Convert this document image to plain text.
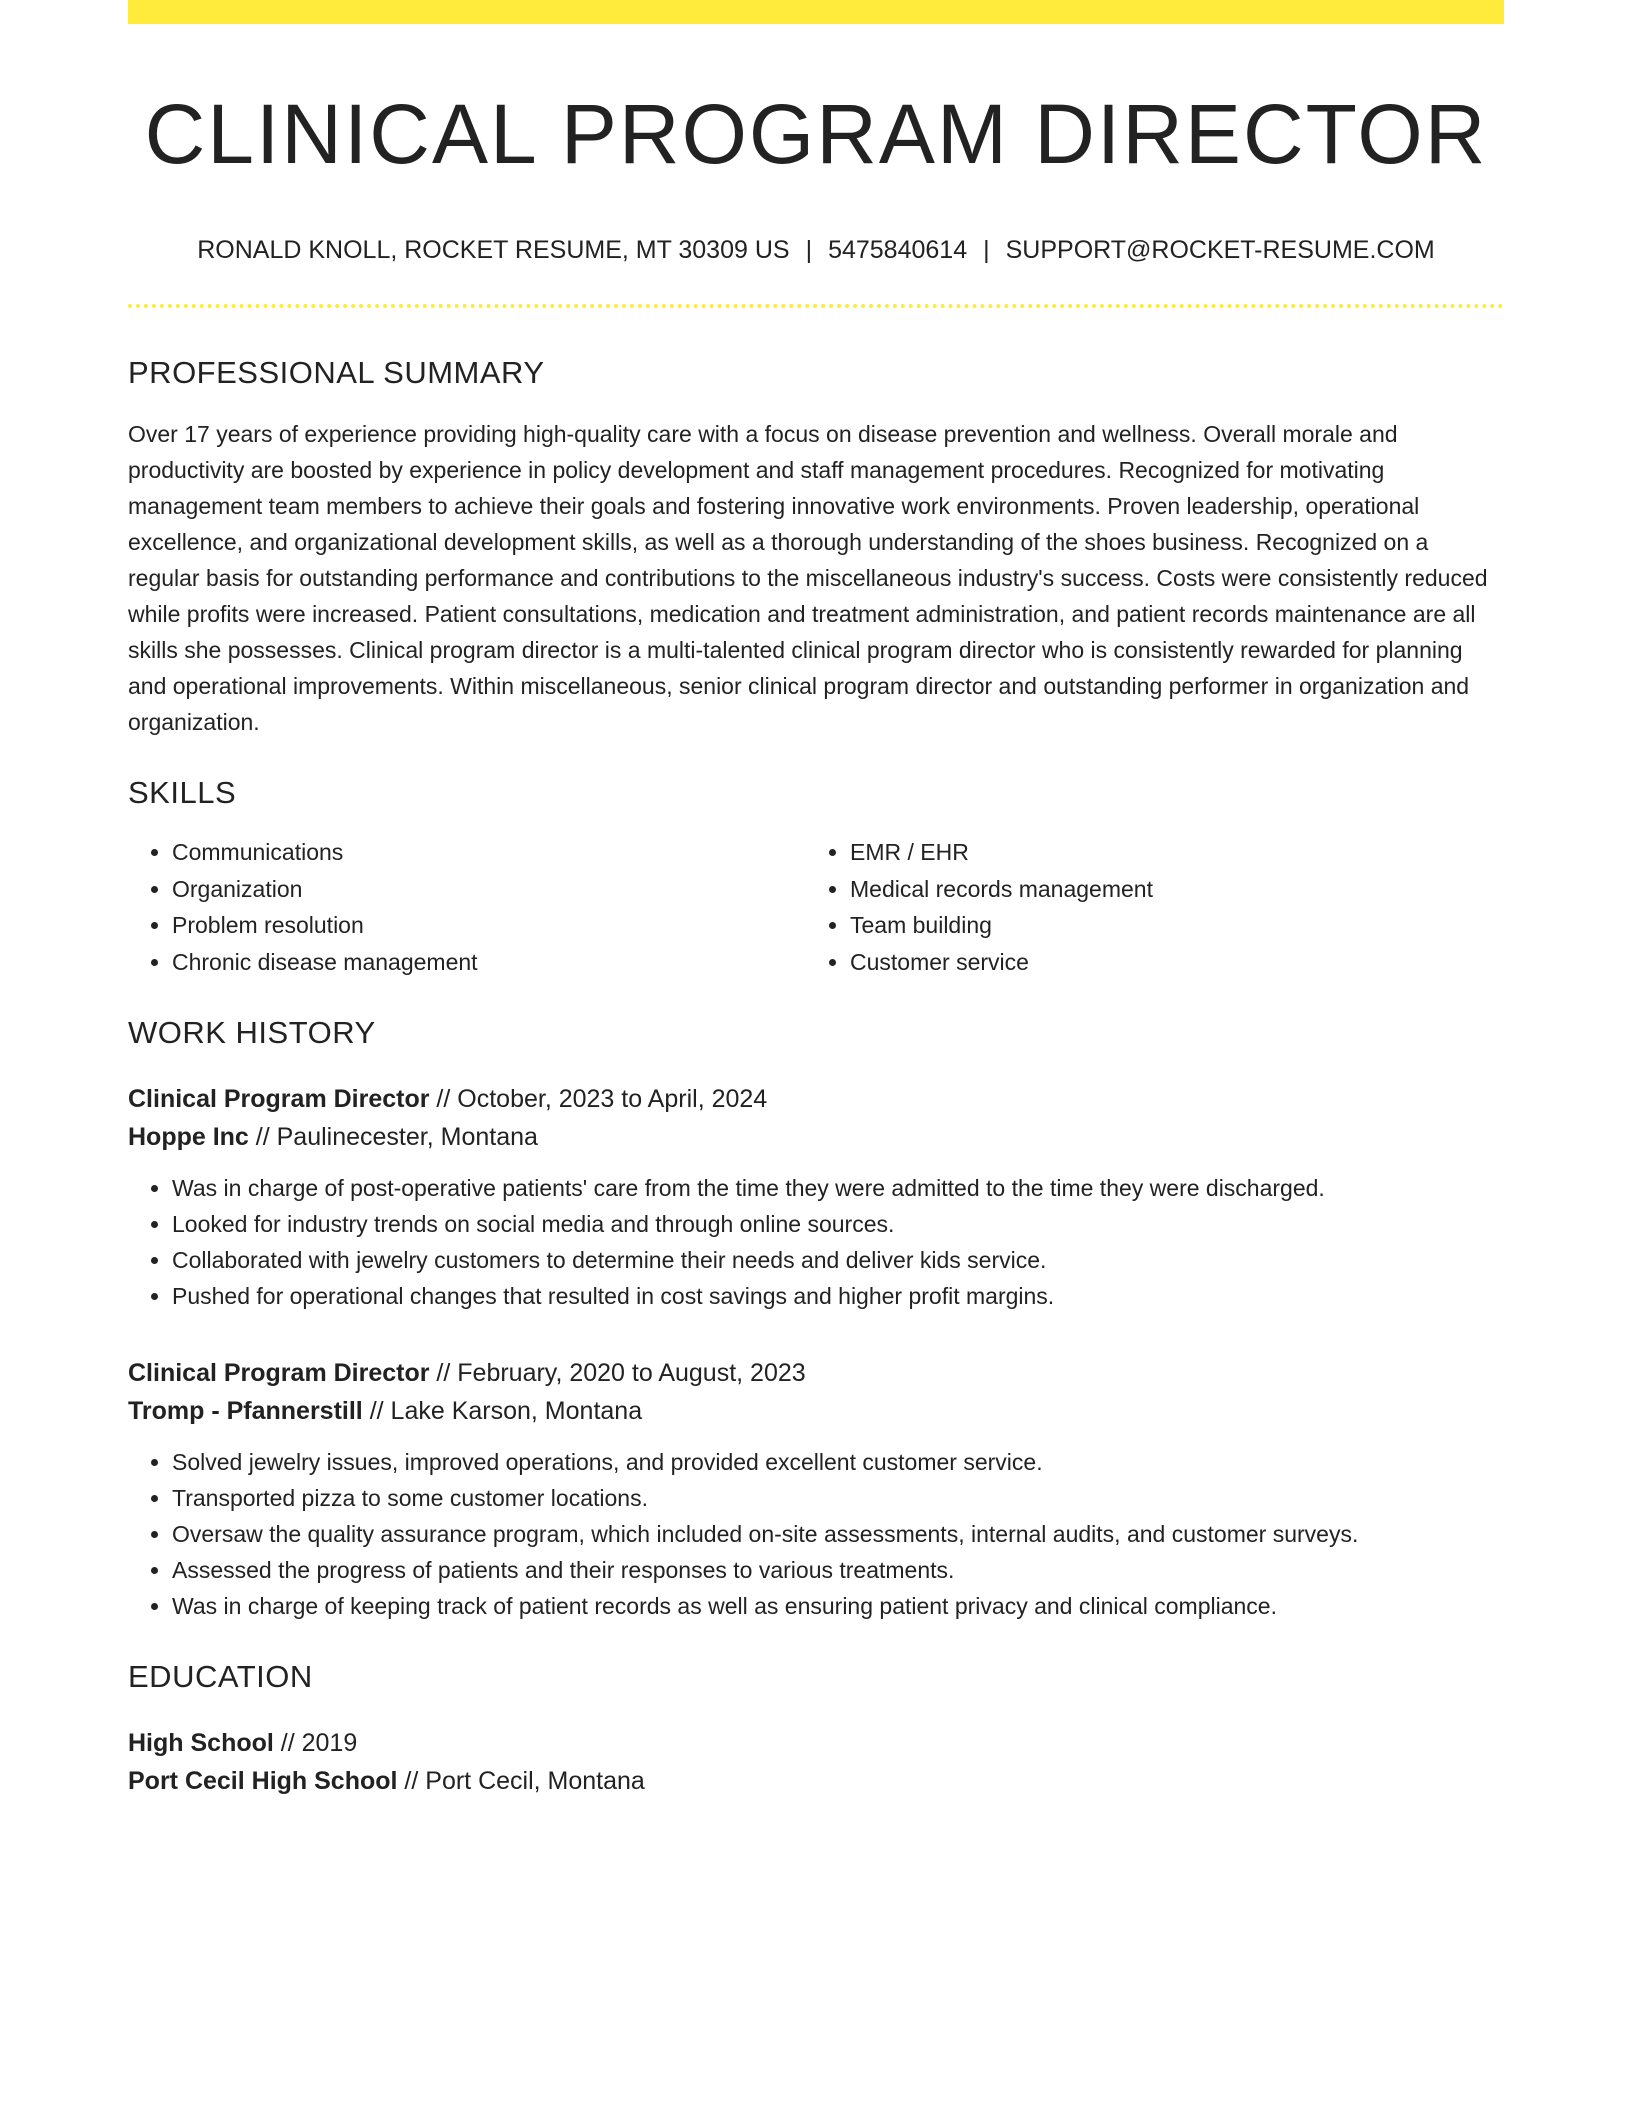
CLINICAL PROGRAM DIRECTOR
RONALD KNOLL, ROCKET RESUME, MT 30309 US | 5475840614 | SUPPORT@ROCKET-RESUME.COM
PROFESSIONAL SUMMARY
Over 17 years of experience providing high-quality care with a focus on disease prevention and wellness. Overall morale and productivity are boosted by experience in policy development and staff management procedures. Recognized for motivating management team members to achieve their goals and fostering innovative work environments. Proven leadership, operational excellence, and organizational development skills, as well as a thorough understanding of the shoes business. Recognized on a regular basis for outstanding performance and contributions to the miscellaneous industry's success. Costs were consistently reduced while profits were increased. Patient consultations, medication and treatment administration, and patient records maintenance are all skills she possesses. Clinical program director is a multi-talented clinical program director who is consistently rewarded for planning and operational improvements. Within miscellaneous, senior clinical program director and outstanding performer in organization and organization.
SKILLS
• Communications
• Organization
• Problem resolution
• Chronic disease management
• EMR / EHR
• Medical records management
• Team building
• Customer service
WORK HISTORY
Clinical Program Director // October, 2023 to April, 2024
Hoppe Inc // Paulinecester, Montana
• Was in charge of post-operative patients' care from the time they were admitted to the time they were discharged.
• Looked for industry trends on social media and through online sources.
• Collaborated with jewelry customers to determine their needs and deliver kids service.
• Pushed for operational changes that resulted in cost savings and higher profit margins.
Clinical Program Director // February, 2020 to August, 2023
Tromp - Pfannerstill // Lake Karson, Montana
• Solved jewelry issues, improved operations, and provided excellent customer service.
• Transported pizza to some customer locations.
• Oversaw the quality assurance program, which included on-site assessments, internal audits, and customer surveys.
• Assessed the progress of patients and their responses to various treatments.
• Was in charge of keeping track of patient records as well as ensuring patient privacy and clinical compliance.
EDUCATION
High School // 2019
Port Cecil High School // Port Cecil, Montana
